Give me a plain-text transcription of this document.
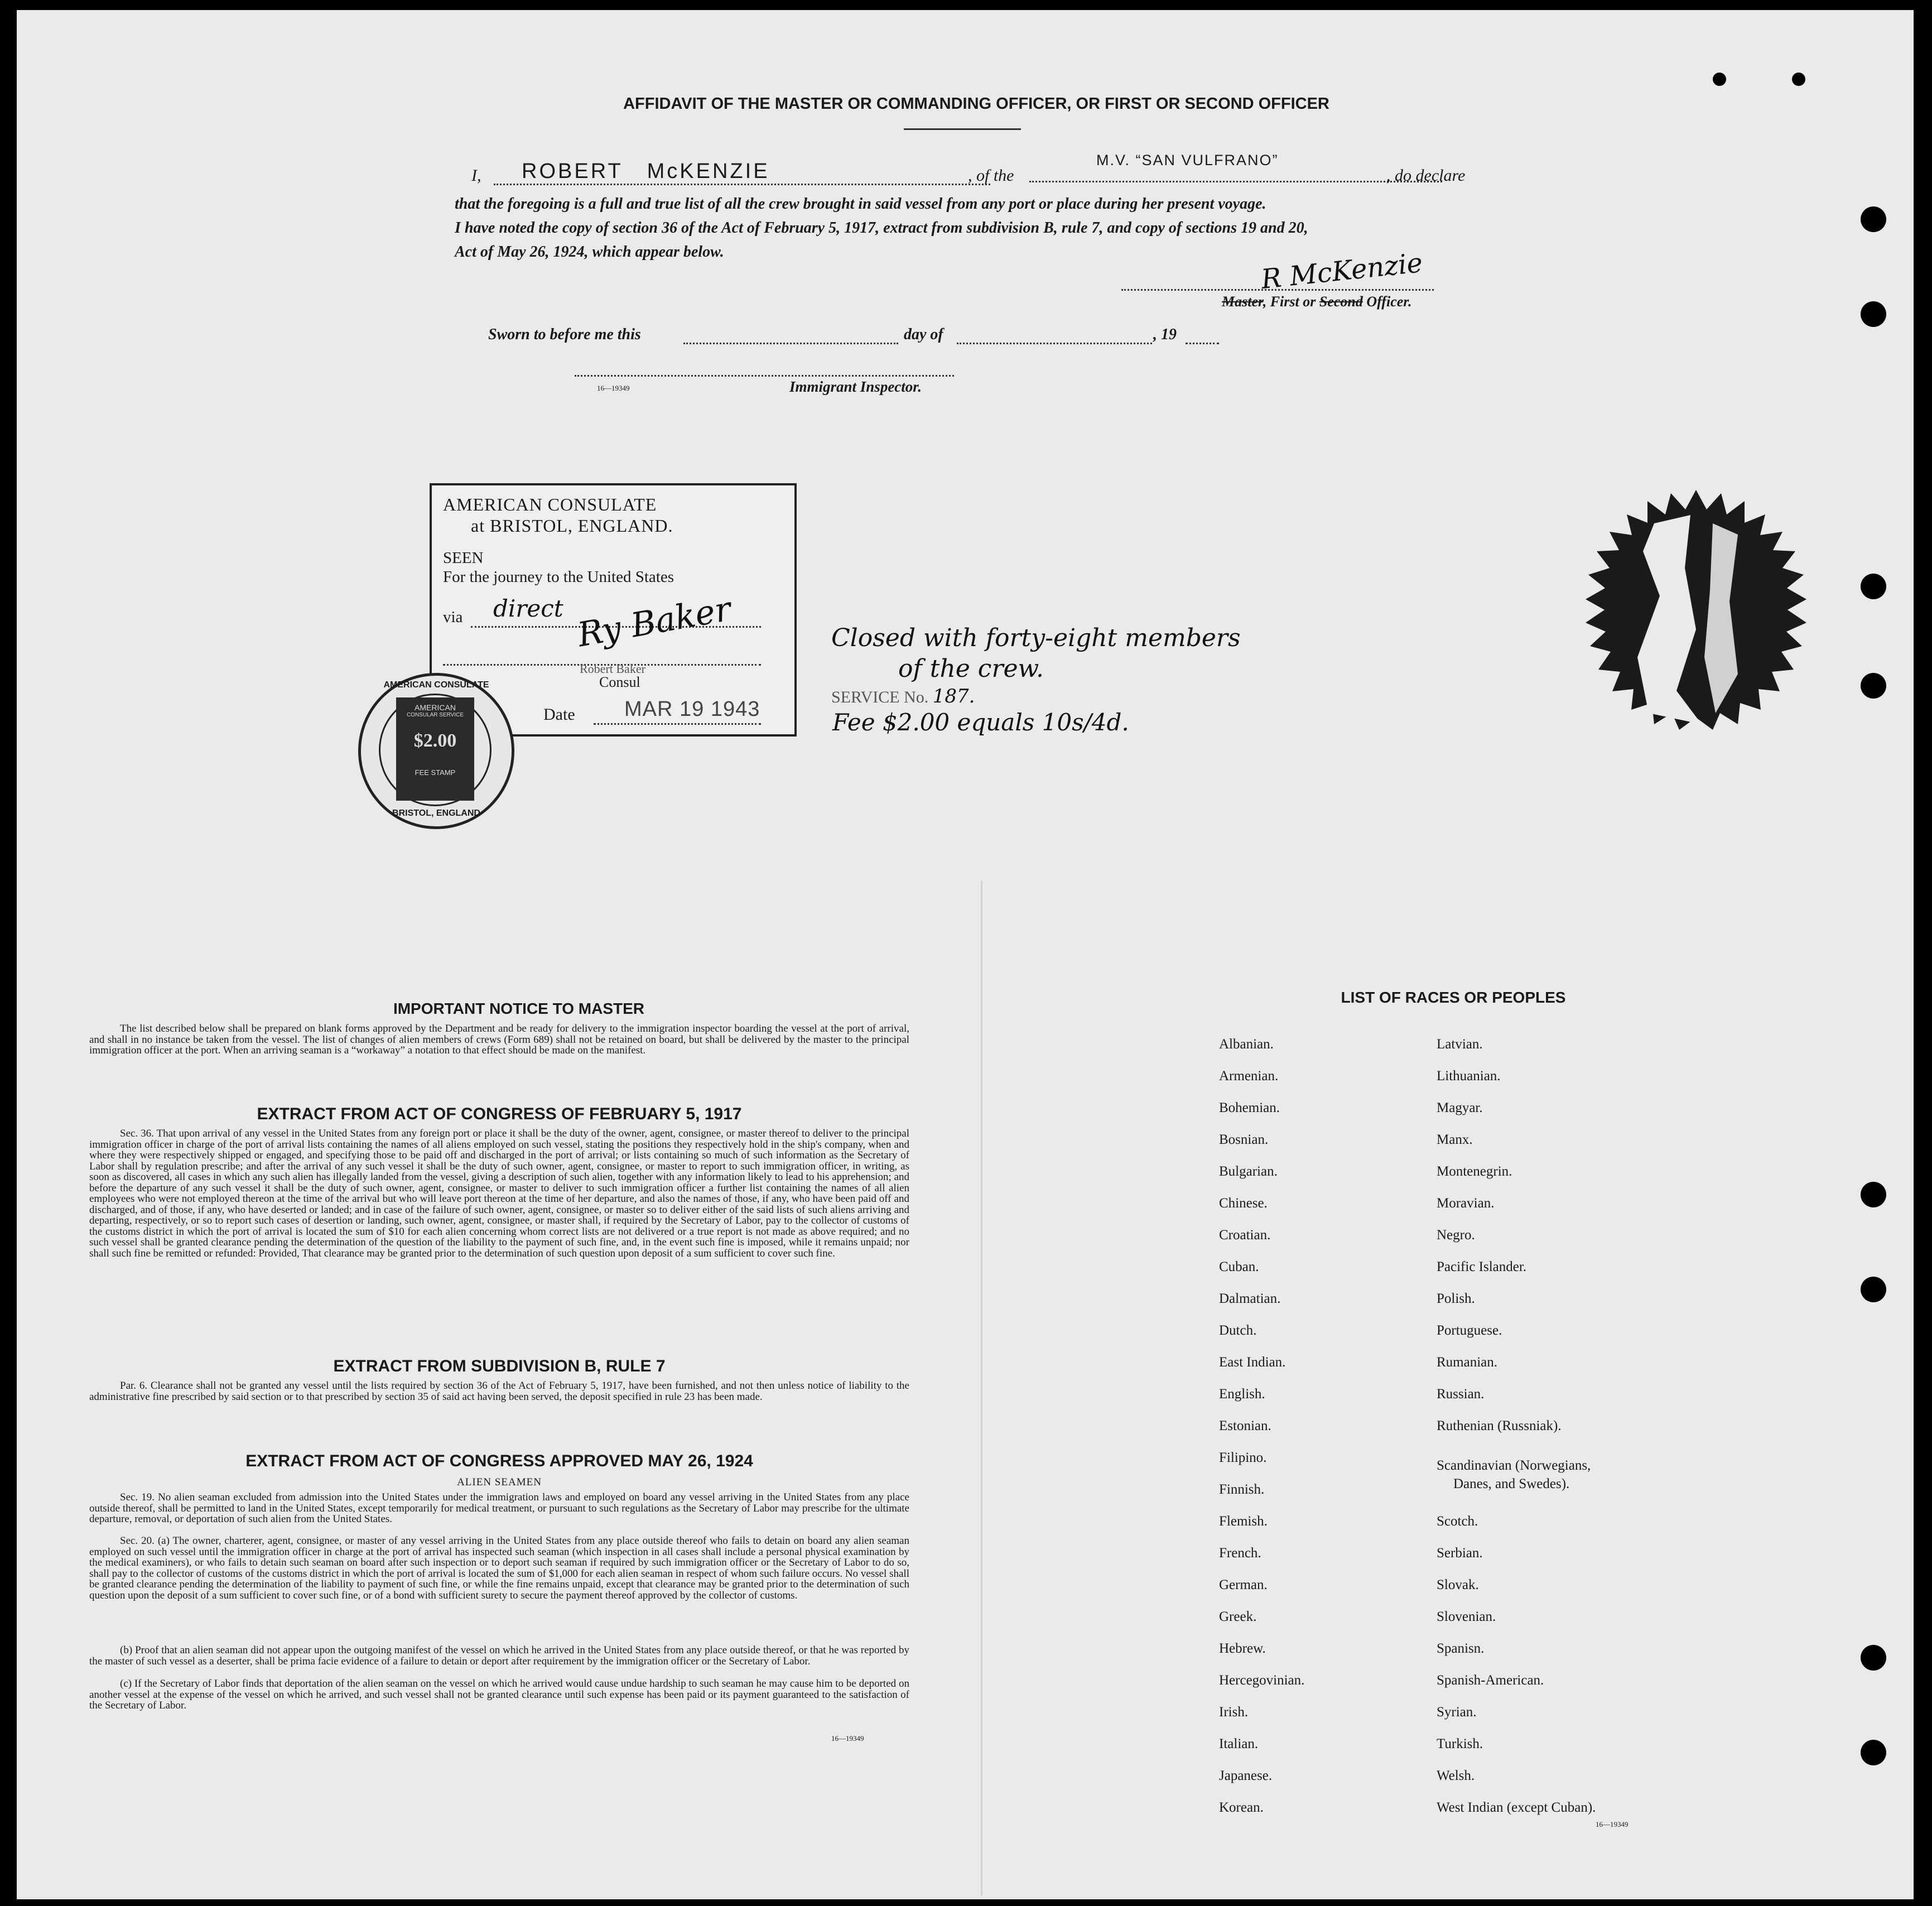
AFFIDAVIT OF THE MASTER OR COMMANDING OFFICER, OR FIRST OR SECOND OFFICER
I,	ROBERT   McKENZIE	, of the
M.V. “SAN VULFRANO”
, do declare
that the foregoing is a full and true list of all the crew brought in said vessel from any port or place during her present voyage.
I have noted the copy of section 36 of the Act of February 5, 1917, extract from subdivision B, rule 7, and copy of sections 19 and 20,
Act of May 26, 1924, which appear below.	R McKenzie
Master, First or Second Officer.
Sworn to before me this	day of	, 19
16—19349	Immigrant Inspector.
AMERICAN CONSULATE
at BRISTOL, ENGLAND.
SEEN
For the journey to the United States
via direct Ry Baker
Robert Baker
Consul
Date MAR 19 1943
AMERICAN CONSULATE
BRISTOL, ENGLAND
AMERICAN
CONSULAR SERVICE
$2.00
FEE STAMP
Closed with forty-eight members
of the crew.
SERVICE No. 187.
Fee $2.00 equals 10s/4d.
IMPORTANT NOTICE TO MASTER
The list described below shall be prepared on blank forms approved by the Department and be ready for delivery to the immigration inspector boarding the vessel at the port of arrival, and shall in no instance be taken from the vessel. The list of changes of alien members of crews (Form 689) shall not be retained on board, but shall be delivered by the master to the principal immigration officer at the port. When an arriving seaman is a “workaway” a notation to that effect should be made on the manifest.
EXTRACT FROM ACT OF CONGRESS OF FEBRUARY 5, 1917
Sec. 36. That upon arrival of any vessel in the United States from any foreign port or place it shall be the duty of the owner, agent, consignee, or master thereof to deliver to the principal immigration officer in charge of the port of arrival lists containing the names of all aliens employed on such vessel, stating the positions they respectively hold in the ship's company, when and where they were respectively shipped or engaged, and specifying those to be paid off and discharged in the port of arrival; or lists containing so much of such information as the Secretary of Labor shall by regulation prescribe; and after the arrival of any such vessel it shall be the duty of such owner, agent, consignee, or master to report to such immigration officer, in writing, as soon as discovered, all cases in which any such alien has illegally landed from the vessel, giving a description of such alien, together with any information likely to lead to his apprehension; and before the departure of any such vessel it shall be the duty of such owner, agent, consignee, or master to deliver to such immigration officer a further list containing the names of all alien employees who were not employed thereon at the time of the arrival but who will leave port thereon at the time of her departure, and also the names of those, if any, who have been paid off and discharged, and of those, if any, who have deserted or landed; and in case of the failure of such owner, agent, consignee, or master so to deliver either of the said lists of such aliens arriving and departing, respectively, or so to report such cases of desertion or landing, such owner, agent, consignee, or master shall, if required by the Secretary of Labor, pay to the collector of customs of the customs district in which the port of arrival is located the sum of $10 for each alien concerning whom correct lists are not delivered or a true report is not made as above required; and no such vessel shall be granted clearance pending the determination of the question of the liability to the payment of such fine, and, in the event such fine is imposed, while it remains unpaid; nor shall such fine be remitted or refunded: Provided, That clearance may be granted prior to the determination of such question upon deposit of a sum sufficient to cover such fine.
EXTRACT FROM SUBDIVISION B, RULE 7
Par. 6. Clearance shall not be granted any vessel until the lists required by section 36 of the Act of February 5, 1917, have been furnished, and not then unless notice of liability to the administrative fine prescribed by said section or to that prescribed by section 35 of said act having been served, the deposit specified in rule 23 has been made.
EXTRACT FROM ACT OF CONGRESS APPROVED MAY 26, 1924
ALIEN SEAMEN
Sec. 19. No alien seaman excluded from admission into the United States under the immigration laws and employed on board any vessel arriving in the United States from any place outside thereof, shall be permitted to land in the United States, except temporarily for medical treatment, or pursuant to such regulations as the Secretary of Labor may prescribe for the ultimate departure, removal, or deportation of such alien from the United States.
Sec. 20. (a) The owner, charterer, agent, consignee, or master of any vessel arriving in the United States from any place outside thereof who fails to detain on board any alien seaman employed on such vessel until the immigration officer in charge at the port of arrival has inspected such seaman (which inspection in all cases shall include a personal physical examination by the medical examiners), or who fails to detain such seaman on board after such inspection or to deport such seaman if required by such immigration officer or the Secretary of Labor to do so, shall pay to the collector of customs of the customs district in which the port of arrival is located the sum of $1,000 for each alien seaman in respect of whom such failure occurs. No vessel shall be granted clearance pending the determination of the liability to payment of such fine, or while the fine remains unpaid, except that clearance may be granted prior to the determination of such question upon the deposit of a sum sufficient to cover such fine, or of a bond with sufficient surety to secure the payment thereof approved by the collector of customs.
(b) Proof that an alien seaman did not appear upon the outgoing manifest of the vessel on which he arrived in the United States from any place outside thereof, or that he was reported by the master of such vessel as a deserter, shall be prima facie evidence of a failure to detain or deport after requirement by the immigration officer or the Secretary of Labor.
(c) If the Secretary of Labor finds that deportation of the alien seaman on the vessel on which he arrived would cause undue hardship to such seaman he may cause him to be deported on another vessel at the expense of the vessel on which he arrived, and such vessel shall not be granted clearance until such expense has been paid or its payment guaranteed to the satisfaction of the Secretary of Labor.
16—19349
LIST OF RACES OR PEOPLES
Albanian.
Armenian.
Bohemian.
Bosnian.
Bulgarian.
Chinese.
Croatian.
Cuban.
Dalmatian.
Dutch.
East Indian.
English.
Estonian.
Filipino.
Finnish.
Flemish.
French.
German.
Greek.
Hebrew.
Hercegovinian.
Irish.
Italian.
Japanese.
Korean.
Latvian.
Lithuanian.
Magyar.
Manx.
Montenegrin.
Moravian.
Negro.
Pacific Islander.
Polish.
Portuguese.
Rumanian.
Russian.
Ruthenian (Russniak).
Scandinavian (Norwegians,
Danes, and Swedes).
Scotch.
Serbian.
Slovak.
Slovenian.
Spanisn.
Spanish-American.
Syrian.
Turkish.
Welsh.
West Indian (except Cuban).
16—19349
